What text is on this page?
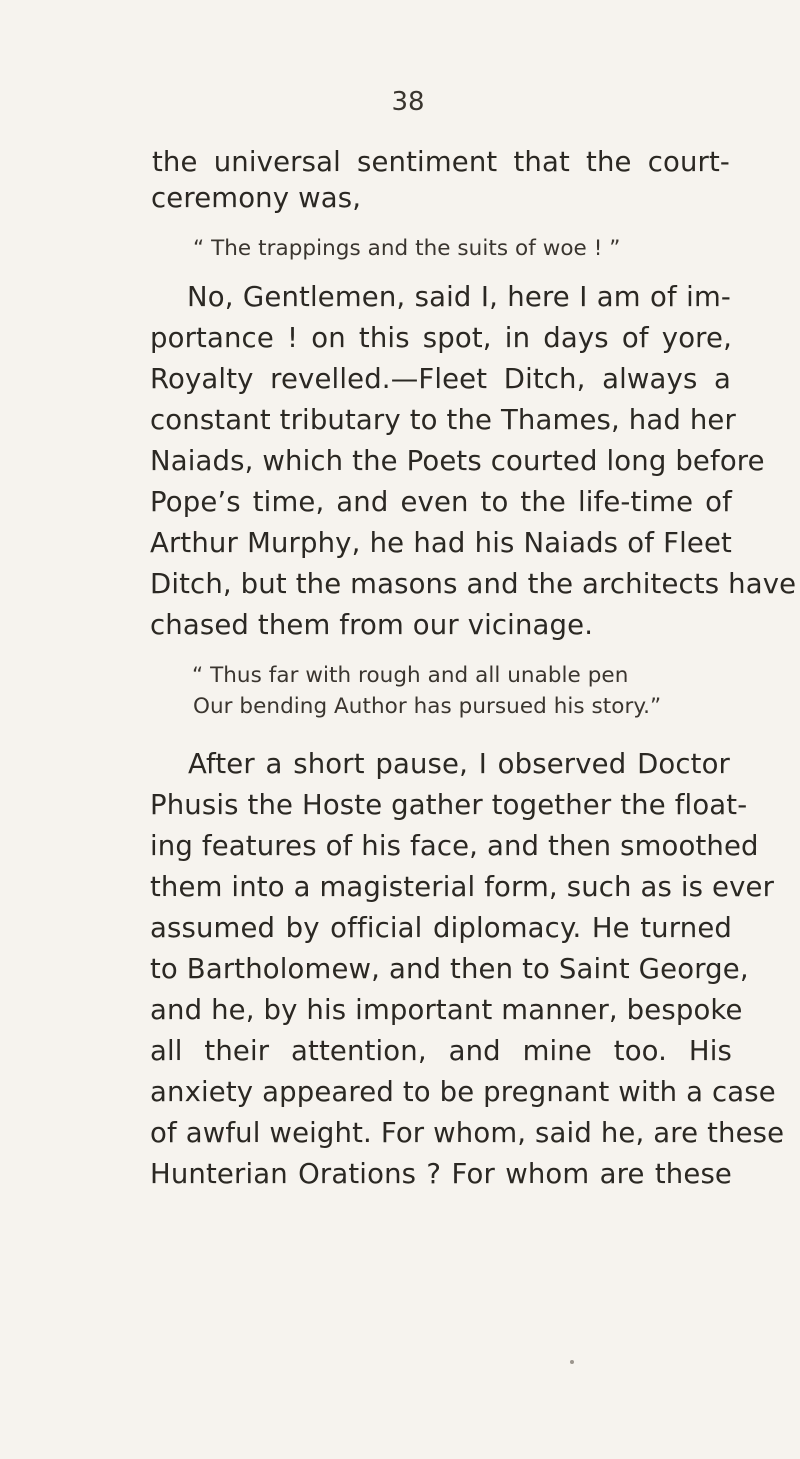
38
the universal sentiment that the court-
ceremony was,
“ The trappings and the suits of woe ! ”
No, Gentlemen, said I, here I am of im-
portance ! on this spot, in days of yore,
Royalty revelled.—Fleet Ditch, always a
constant tributary to the Thames, had her
Naiads, which the Poets courted long before
Pope’s time, and even to the life-time of
Arthur Murphy, he had his Naiads of Fleet
Ditch, but the masons and the architects have
chased them from our vicinage.
“ Thus far with rough and all unable pen
Our bending Author has pursued his story.”
After a short pause, I observed Doctor
Phusis the Hoste gather together the float-
ing features of his face, and then smoothed
them into a magisterial form, such as is ever
assumed by official diplomacy. He turned
to Bartholomew, and then to Saint George,
and he, by his important manner, bespoke
all their attention, and mine too. His
anxiety appeared to be pregnant with a case
of awful weight. For whom, said he, are these
Hunterian Orations ? For whom are these
